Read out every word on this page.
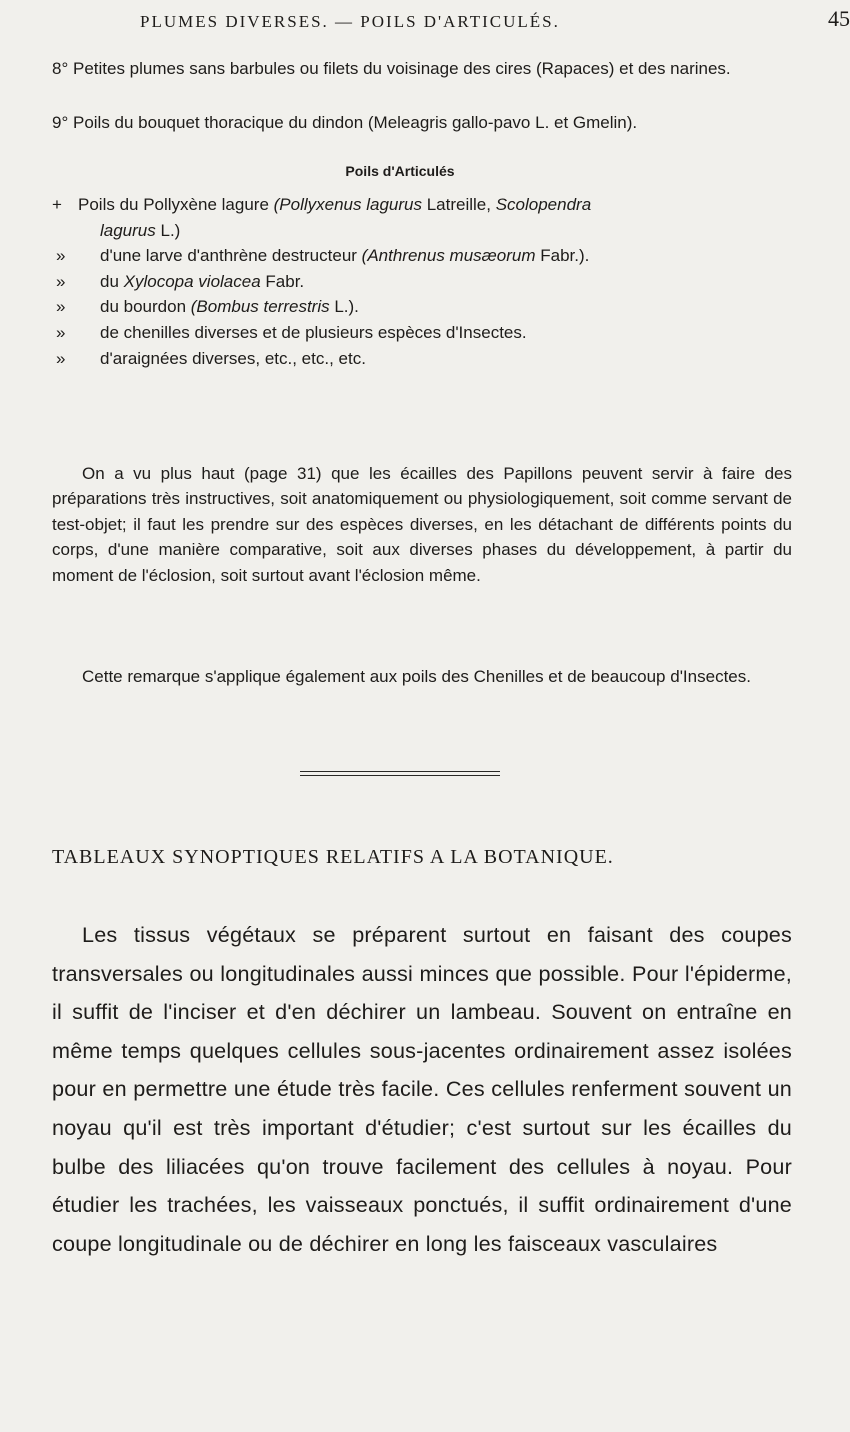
PLUMES DIVERSES. — POILS D'ARTICULÉS.	45
8° Petites plumes sans barbules ou filets du voisinage des cires (Rapaces) et des narines.
9° Poils du bouquet thoracique du dindon (Meleagris gallo-pavo L. et Gmelin).
Poils d'Articulés
+ Poils du Pollyxène lagure (Pollyxenus lagurus Latreille, Scolopendra
lagurus L.)
»	d'une larve d'anthrène destructeur (Anthrenus musæorum Fabr.).
»	du Xylocopa violacea Fabr.
»	du bourdon (Bombus terrestris L.).
»	de chenilles diverses et de plusieurs espèces d'Insectes.
»	d'araignées diverses, etc., etc., etc.
On a vu plus haut (page 31) que les écailles des Papillons peuvent servir à faire des préparations très instructives, soit anatomiquement ou physiologiquement, soit comme servant de test-objet; il faut les prendre sur des espèces diverses, en les détachant de différents points du corps, d'une manière comparative, soit aux diverses phases du développement, à partir du moment de l'éclosion, soit surtout avant l'éclosion même.
Cette remarque s'applique également aux poils des Chenilles et de beaucoup d'Insectes.
TABLEAUX SYNOPTIQUES RELATIFS A LA BOTANIQUE.
Les tissus végétaux se préparent surtout en faisant des coupes transversales ou longitudinales aussi minces que possible. Pour l'épiderme, il suffit de l'inciser et d'en déchirer un lambeau. Souvent on entraîne en même temps quelques cellules sous-jacentes ordinairement assez isolées pour en permettre une étude très facile. Ces cellules renferment souvent un noyau qu'il est très important d'étudier; c'est surtout sur les écailles du bulbe des liliacées qu'on trouve facilement des cellules à noyau. Pour étudier les trachées, les vaisseaux ponctués, il suffit ordinairement d'une coupe longitudinale ou de déchirer en long les faisceaux vasculaires
